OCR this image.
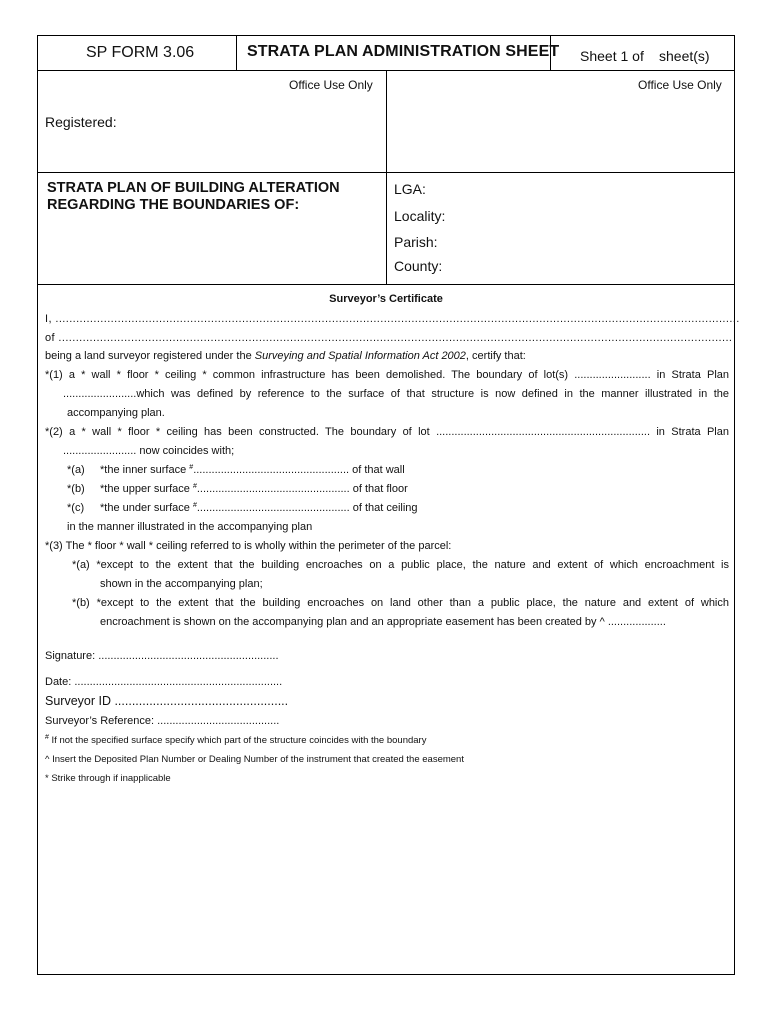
SP FORM 3.06	STRATA PLAN ADMINISTRATION SHEET Sheet 1 of sheet(s)
Office Use Only	Office Use Only
Registered:
STRATA PLAN OF BUILDING ALTERATION
REGARDING THE BOUNDARIES OF:
LGA:
Locality:
Parish:
County:
Surveyor’s Certificate
I, ......................................................................................................................................................................................................
of ...................................................................................................................................................................................................
being a land surveyor registered under the Surveying and Spatial Information Act 2002, certify that:
*(1) a * wall * floor * ceiling * common infrastructure has been demolished. The boundary of lot(s) ......................... in Strata Plan
........................which was defined by reference to the surface of that structure is now defined in the manner illustrated in the
accompanying plan.
*(2) a * wall * floor * ceiling has been constructed. The boundary of lot ...................................................................... in Strata Plan
........................ now coincides with;
*(a) *the inner surface #................................................... of that wall
*(b) *the upper surface #.................................................. of that floor
*(c) *the under surface #.................................................. of that ceiling
in the manner illustrated in the accompanying plan
*(3) The * floor * wall * ceiling referred to is wholly within the perimeter of the parcel:
*(a) *except to the extent that the building encroaches on a public place, the nature and extent of which encroachment is
shown in the accompanying plan;
*(b) *except to the extent that the building encroaches on land other than a public place, the nature and extent of which
encroachment is shown on the accompanying plan and an appropriate easement has been created by ^ ...................
Signature: ...........................................................
Date: ....................................................................
Surveyor ID ..................................................
Surveyor’s Reference: ........................................
# If not the specified surface specify which part of the structure coincides with the boundary
^ Insert the Deposited Plan Number or Dealing Number of the instrument that created the easement
* Strike through if inapplicable
